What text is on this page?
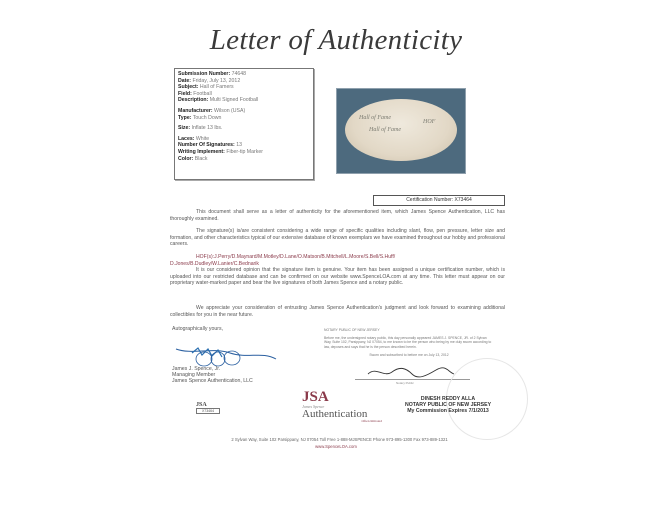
Letter of Authenticity
Submission Number: 74648
Date: Friday, July 13, 2012
Subject: Hall of Famers
Field: Football
Description: Multi Signed Football
Manufacturer: Wilson (USA)
Type: Touch Down
Size: Inflate 13 lbs.
Laces: White
Number Of Signatures: 13
Writing Implement: Fiber-tip Marker
Color: Black
Hall of Fame
Hall of Fame
HOF
Certification Number: X73464
This document shall serve as a letter of authenticity for the aforementioned item, which James Spence Authentication, LLC has thoroughly examined.
The signature(s) is/are consistent considering a wide range of specific qualities including slant, flow, pen pressure, letter size and formation, and other characteristics typical of our extensive database of known exemplars we have examined throughout our hobby and professional careers.
HOF(s):J.Perry/D.Maynard/M.Motley/D.Lane/O.Matson/B.Mitchell/L.Moore/S.Bell/S.Huff/
D.Jones/B.Dudley/W.Lanier/C.Bednarik
It is our considered opinion that the signature item is genuine. Your item has been assigned a unique certification number, which is uploaded into our restricted database and can be confirmed on our website www.SpenceLOA.com at any time. This letter must appear on our proprietary water-marked paper and bear the live signatures of both James Spence and a notary public.
We appreciate your consideration of entrusting James Spence Authentication's judgment and look forward to examining additional collectibles for you in the near future.
Autographically yours,
James J. Spence, Jr.
Managing Member
James Spence Authentication, LLC
NOTARY PUBLIC OF NEW JERSEY
Before me, the undersigned notary public, this day personally appeared JAMES J. SPENCE, JR. of 2 Sylvan Way, Suite 102, Parsippany, NJ 07054, to me known to be the person who being by me duly sworn according to law, deposes and says that he is the person described herein.
Sworn and subscribed to before me on July 13, 2012
Notary Public
JSA
X73464
JSA
James Spence
Authentication
Often Imitated
DINESH REDDY ALLA
NOTARY PUBLIC OF NEW JERSEY
My Commission Expires 7/1/2013
2 Sylvan Way, Suite 102 Parsippany, NJ 07054 Toll Free 1-888-MJSPENCE Phone 973-895-1300 Fax 973-889-1321
www.SpenceLOA.com
